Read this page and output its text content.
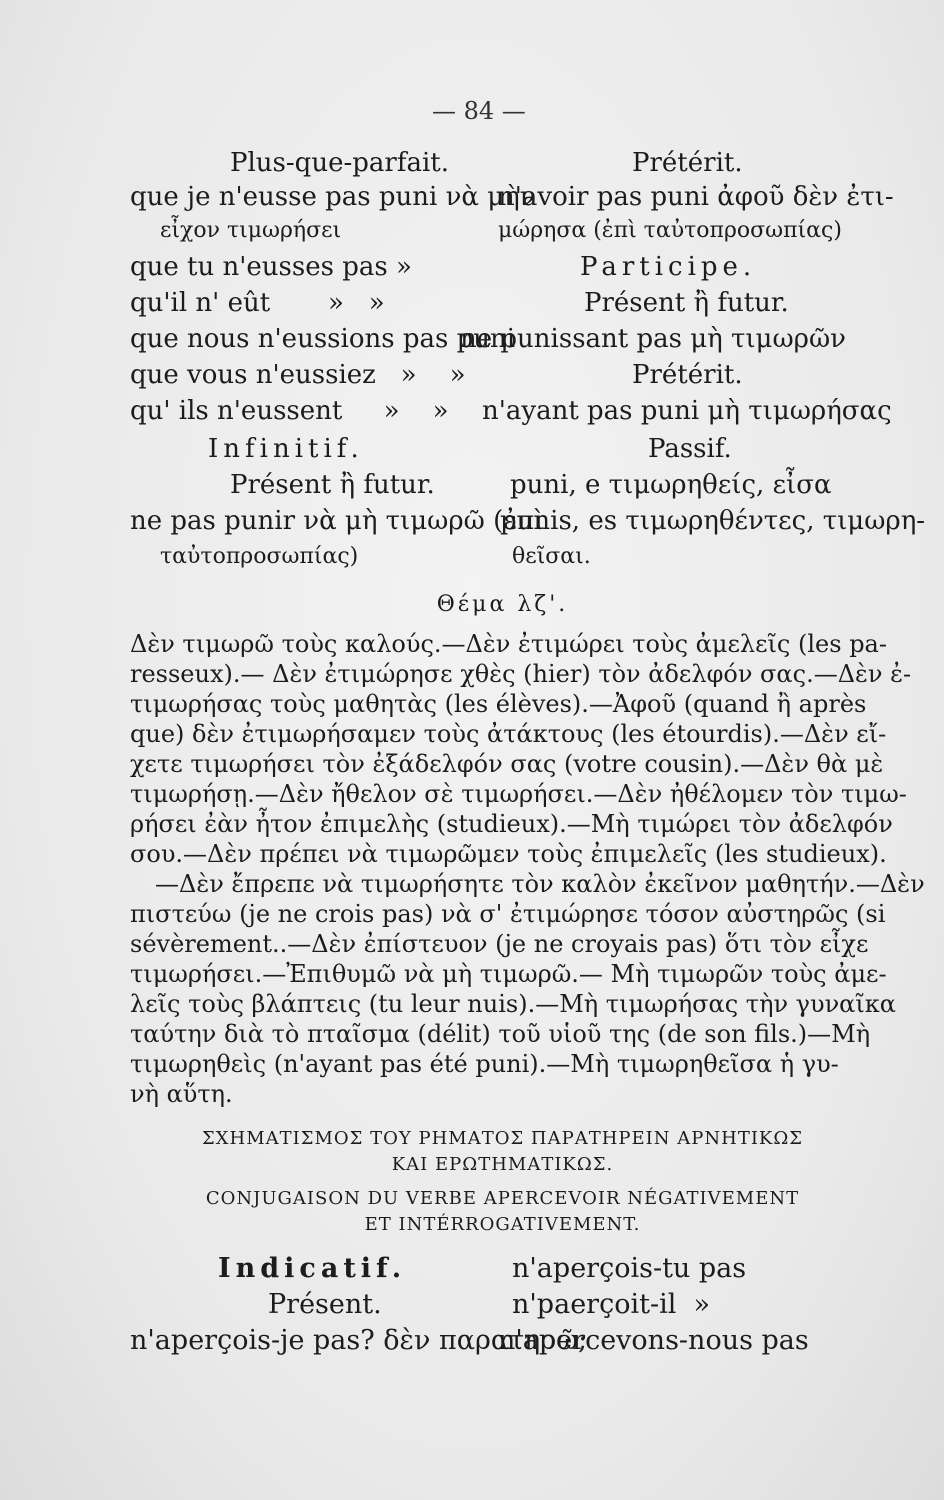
— 84 —
Plus-que-parfait.
que je n'eusse pas puni νὰ μὴν
εἶχον τιμωρήσει
que tu n'eusses pas »
qu'il n' eût       »   »
que nous n'eussions pas puni
que vous n'eussiez   »    »
qu' ils n'eussent     »    »
Infinitif.
Présent ἢ futur.
ne pas punir νὰ μὴ τιμωρῶ (ἐπὶ
ταὐτοπροσωπίας)
Prétérit.
n'avoir pas puni ἀφοῦ δὲν ἐτι-
μώρησα (ἐπὶ ταὐτοπροσωπίας)
Participe.
Présent ἢ futur.
ne punissant pas μὴ τιμωρῶν
Prétérit.
n'ayant pas puni μὴ τιμωρήσας
Passif.
puni, e τιμωρηθείς, εἶσα
punis, es τιμωρηθέντες, τιμωρη-
θεῖσαι.
Θέμα λζ'.
Δὲν τιμωρῶ τοὺς καλούς.—Δὲν ἐτιμώρει τοὺς ἀμελεῖς (les pa-
resseux).— Δὲν ἐτιμώρησε χθὲς (hier) τὸν ἀδελφόν σας.—Δὲν ἐ-
τιμωρήσας τοὺς μαθητὰς (les élèves).—Ἀφοῦ (quand ἢ après
que) δὲν ἐτιμωρήσαμεν τοὺς ἀτάκτους (les étourdis).—Δὲν εἴ-
χετε τιμωρήσει τὸν ἐξάδελφόν σας (votre cousin).—Δὲν θὰ μὲ
τιμωρήσῃ.—Δὲν ἤθελον σὲ τιμωρήσει.—Δὲν ἠθέλομεν τὸν τιμω-
ρήσει ἐὰν ἦτον ἐπιμελὴς (studieux).—Μὴ τιμώρει τὸν ἀδελφόν
σου.—Δὲν πρέπει νὰ τιμωρῶμεν τοὺς ἐπιμελεῖς (les studieux).
—Δὲν ἔπρεπε νὰ τιμωρήσητε τὸν καλὸν ἐκεῖνον μαθητήν.—Δὲν
πιστεύω (je ne crois pas) νὰ σ' ἐτιμώρησε τόσον αὐστηρῶς (si
sévèrement..—Δὲν ἐπίστευον (je ne croyais pas) ὅτι τὸν εἶχε
τιμωρήσει.—Ἐπιθυμῶ νὰ μὴ τιμωρῶ.— Μὴ τιμωρῶν τοὺς ἀμε-
λεῖς τοὺς βλάπτεις (tu leur nuis).—Μὴ τιμωρήσας τὴν γυναῖκα
ταύτην διὰ τὸ πταῖσμα (délit) τοῦ υἱοῦ της (de son fils.)—Μὴ
τιμωρηθεὶς (n'ayant pas été puni).—Μὴ τιμωρηθεῖσα ἡ γυ-
νὴ αὕτη.
ΣΧΗΜΑΤΙΣΜΟΣ ΤΟΥ ΡΗΜΑΤΟΣ ΠΑΡΑΤΗΡΕΙΝ ΑΡΝΗΤΙΚΩΣ
ΚΑΙ ΕΡΩΤΗΜΑΤΙΚΩΣ.
CONJUGAISON DU VERBE APERCEVOIR NÉGATIVEMENT
ET INTÉRROGATIVEMENT.
Indicatif.
Présent.
n'aperçois-je pas? δὲν παρατηρῶ;
n'aperçois-tu pas
n'paerçoit-il  »
n'apercevons-nous pas
